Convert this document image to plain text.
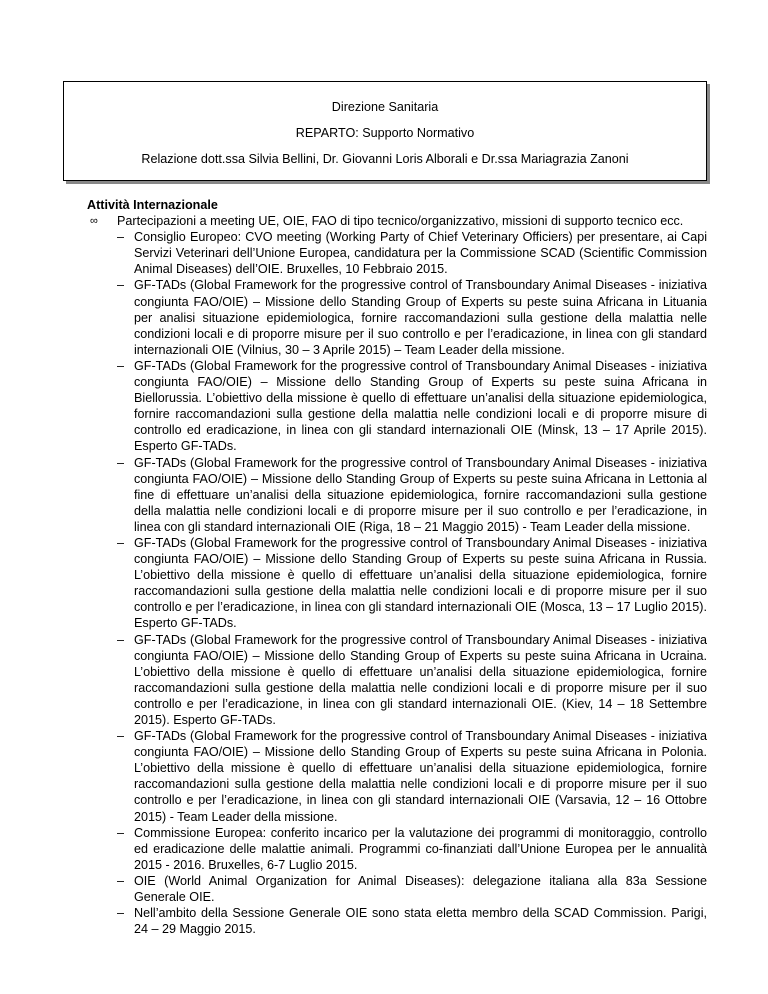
Direzione Sanitaria
REPARTO: Supporto Normativo
Relazione dott.ssa Silvia Bellini, Dr. Giovanni Loris Alborali e Dr.ssa Mariagrazia Zanoni

Attività Internazionale

∞ Partecipazioni a meeting UE, OIE, FAO di tipo tecnico/organizzativo, missioni di supporto tecnico ecc.

– Consiglio Europeo: CVO meeting (Working Party of Chief Veterinary Officiers) per presentare, ai Capi Servizi Veterinari dell’Unione Europea, candidatura per la Commissione SCAD (Scientific Commission Animal Diseases) dell’OIE. Bruxelles, 10 Febbraio 2015.
– GF-TADs (Global Framework for the progressive control of Transboundary Animal Diseases - iniziativa congiunta FAO/OIE) – Missione dello Standing Group of Experts su peste suina Africana in Lituania per analisi situazione epidemiologica, fornire raccomandazioni sulla gestione della malattia nelle condizioni locali e di proporre misure per il suo controllo e per l’eradicazione, in linea con gli standard internazionali OIE (Vilnius, 30 – 3 Aprile 2015) – Team Leader della missione.
– GF-TADs (Global Framework for the progressive control of Transboundary Animal Diseases - iniziativa congiunta FAO/OIE) – Missione dello Standing Group of Experts su peste suina Africana in Biellorussia. L’obiettivo della missione è quello di effettuare un’analisi della situazione epidemiologica, fornire raccomandazioni sulla gestione della malattia nelle condizioni locali e di proporre misure di controllo ed eradicazione, in linea con gli standard internazionali OIE (Minsk, 13 – 17 Aprile 2015). Esperto GF-TADs.
– GF-TADs (Global Framework for the progressive control of Transboundary Animal Diseases - iniziativa congiunta FAO/OIE) – Missione dello Standing Group of Experts su peste suina Africana in Lettonia al fine di effettuare un’analisi della situazione epidemiologica, fornire raccomandazioni sulla gestione della malattia nelle condizioni locali e di proporre misure per il suo controllo e per l’eradicazione, in linea con gli standard internazionali OIE (Riga, 18 – 21 Maggio 2015) - Team Leader della missione.
– GF-TADs (Global Framework for the progressive control of Transboundary Animal Diseases - iniziativa congiunta FAO/OIE) – Missione dello Standing Group of Experts su peste suina Africana in Russia. L’obiettivo della missione è quello di effettuare un’analisi della situazione epidemiologica, fornire raccomandazioni sulla gestione della malattia nelle condizioni locali e di proporre misure per il suo controllo e per l’eradicazione, in linea con gli standard internazionali OIE (Mosca, 13 – 17 Luglio 2015). Esperto GF-TADs.
– GF-TADs (Global Framework for the progressive control of Transboundary Animal Diseases - iniziativa congiunta FAO/OIE) – Missione dello Standing Group of Experts su peste suina Africana in Ucraina. L’obiettivo della missione è quello di effettuare un’analisi della situazione epidemiologica, fornire raccomandazioni sulla gestione della malattia nelle condizioni locali e di proporre misure per il suo controllo e per l’eradicazione, in linea con gli standard internazionali OIE. (Kiev, 14 – 18 Settembre 2015). Esperto GF-TADs.
– GF-TADs (Global Framework for the progressive control of Transboundary Animal Diseases - iniziativa congiunta FAO/OIE) – Missione dello Standing Group of Experts su peste suina Africana in Polonia. L’obiettivo della missione è quello di effettuare un’analisi della situazione epidemiologica, fornire raccomandazioni sulla gestione della malattia nelle condizioni locali e di proporre misure per il suo controllo e per l’eradicazione, in linea con gli standard internazionali OIE (Varsavia, 12 – 16 Ottobre 2015) - Team Leader della missione.
– Commissione Europea: conferito incarico per la valutazione dei programmi di monitoraggio, controllo ed eradicazione delle malattie animali. Programmi co-finanziati dall’Unione Europea per le annualità 2015 - 2016. Bruxelles, 6-7 Luglio 2015.
– OIE (World Animal Organization for Animal Diseases): delegazione italiana alla 83a Sessione Generale OIE.
– Nell’ambito della Sessione Generale OIE sono stata eletta membro della SCAD Commission. Parigi, 24 – 29 Maggio 2015.
